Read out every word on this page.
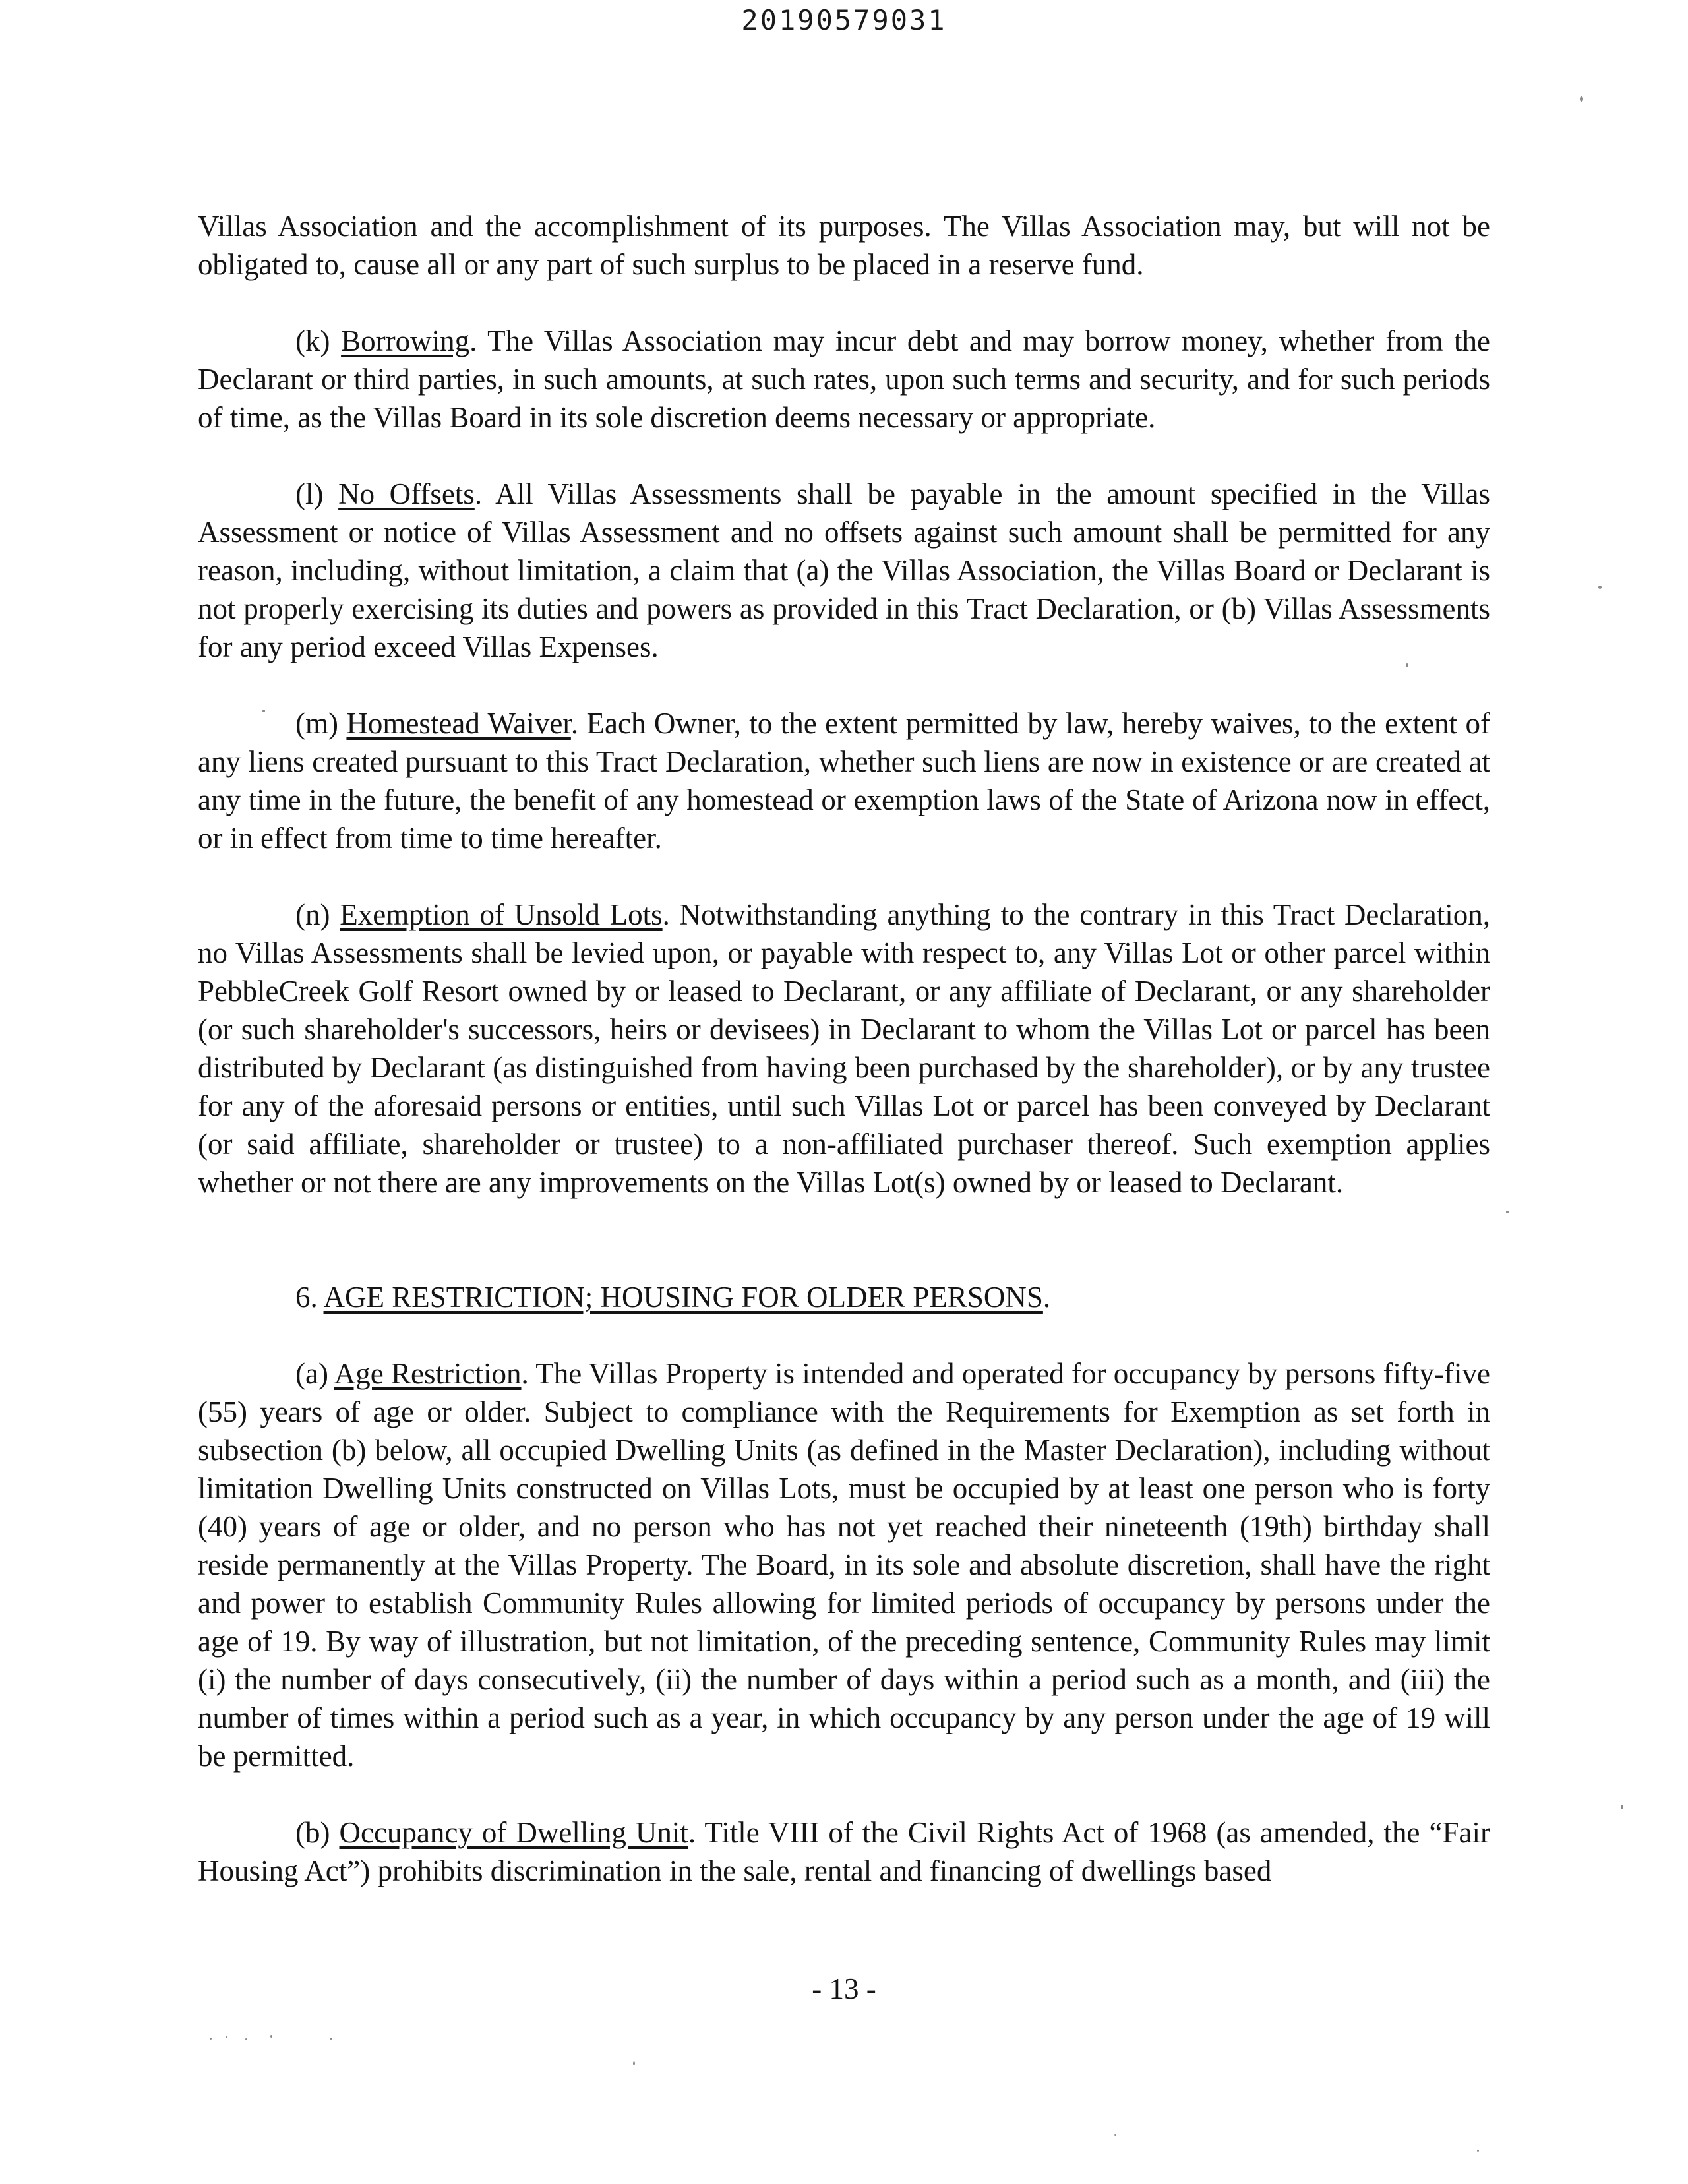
20190579031

Villas Association and the accomplishment of its purposes. The Villas Association may, but will not be obligated to, cause all or any part of such surplus to be placed in a reserve fund.

(k) Borrowing. The Villas Association may incur debt and may borrow money, whether from the Declarant or third parties, in such amounts, at such rates, upon such terms and security, and for such periods of time, as the Villas Board in its sole discretion deems necessary or appropriate.

(l) No Offsets. All Villas Assessments shall be payable in the amount specified in the Villas Assessment or notice of Villas Assessment and no offsets against such amount shall be permitted for any reason, including, without limitation, a claim that (a) the Villas Association, the Villas Board or Declarant is not properly exercising its duties and powers as provided in this Tract Declaration, or (b) Villas Assessments for any period exceed Villas Expenses.

(m) Homestead Waiver. Each Owner, to the extent permitted by law, hereby waives, to the extent of any liens created pursuant to this Tract Declaration, whether such liens are now in existence or are created at any time in the future, the benefit of any homestead or exemption laws of the State of Arizona now in effect, or in effect from time to time hereafter.

(n) Exemption of Unsold Lots. Notwithstanding anything to the contrary in this Tract Declaration, no Villas Assessments shall be levied upon, or payable with respect to, any Villas Lot or other parcel within PebbleCreek Golf Resort owned by or leased to Declarant, or any affiliate of Declarant, or any shareholder (or such shareholder's successors, heirs or devisees) in Declarant to whom the Villas Lot or parcel has been distributed by Declarant (as distinguished from having been purchased by the shareholder), or by any trustee for any of the aforesaid persons or entities, until such Villas Lot or parcel has been conveyed by Declarant (or said affiliate, shareholder or trustee) to a non-affiliated purchaser thereof. Such exemption applies whether or not there are any improvements on the Villas Lot(s) owned by or leased to Declarant.

6. AGE RESTRICTION; HOUSING FOR OLDER PERSONS.

(a) Age Restriction. The Villas Property is intended and operated for occupancy by persons fifty-five (55) years of age or older. Subject to compliance with the Requirements for Exemption as set forth in subsection (b) below, all occupied Dwelling Units (as defined in the Master Declaration), including without limitation Dwelling Units constructed on Villas Lots, must be occupied by at least one person who is forty (40) years of age or older, and no person who has not yet reached their nineteenth (19th) birthday shall reside permanently at the Villas Property. The Board, in its sole and absolute discretion, shall have the right and power to establish Community Rules allowing for limited periods of occupancy by persons under the age of 19. By way of illustration, but not limitation, of the preceding sentence, Community Rules may limit (i) the number of days consecutively, (ii) the number of days within a period such as a month, and (iii) the number of times within a period such as a year, in which occupancy by any person under the age of 19 will be permitted.

(b) Occupancy of Dwelling Unit. Title VIII of the Civil Rights Act of 1968 (as amended, the “Fair Housing Act”) prohibits discrimination in the sale, rental and financing of dwellings based

- 13 -
